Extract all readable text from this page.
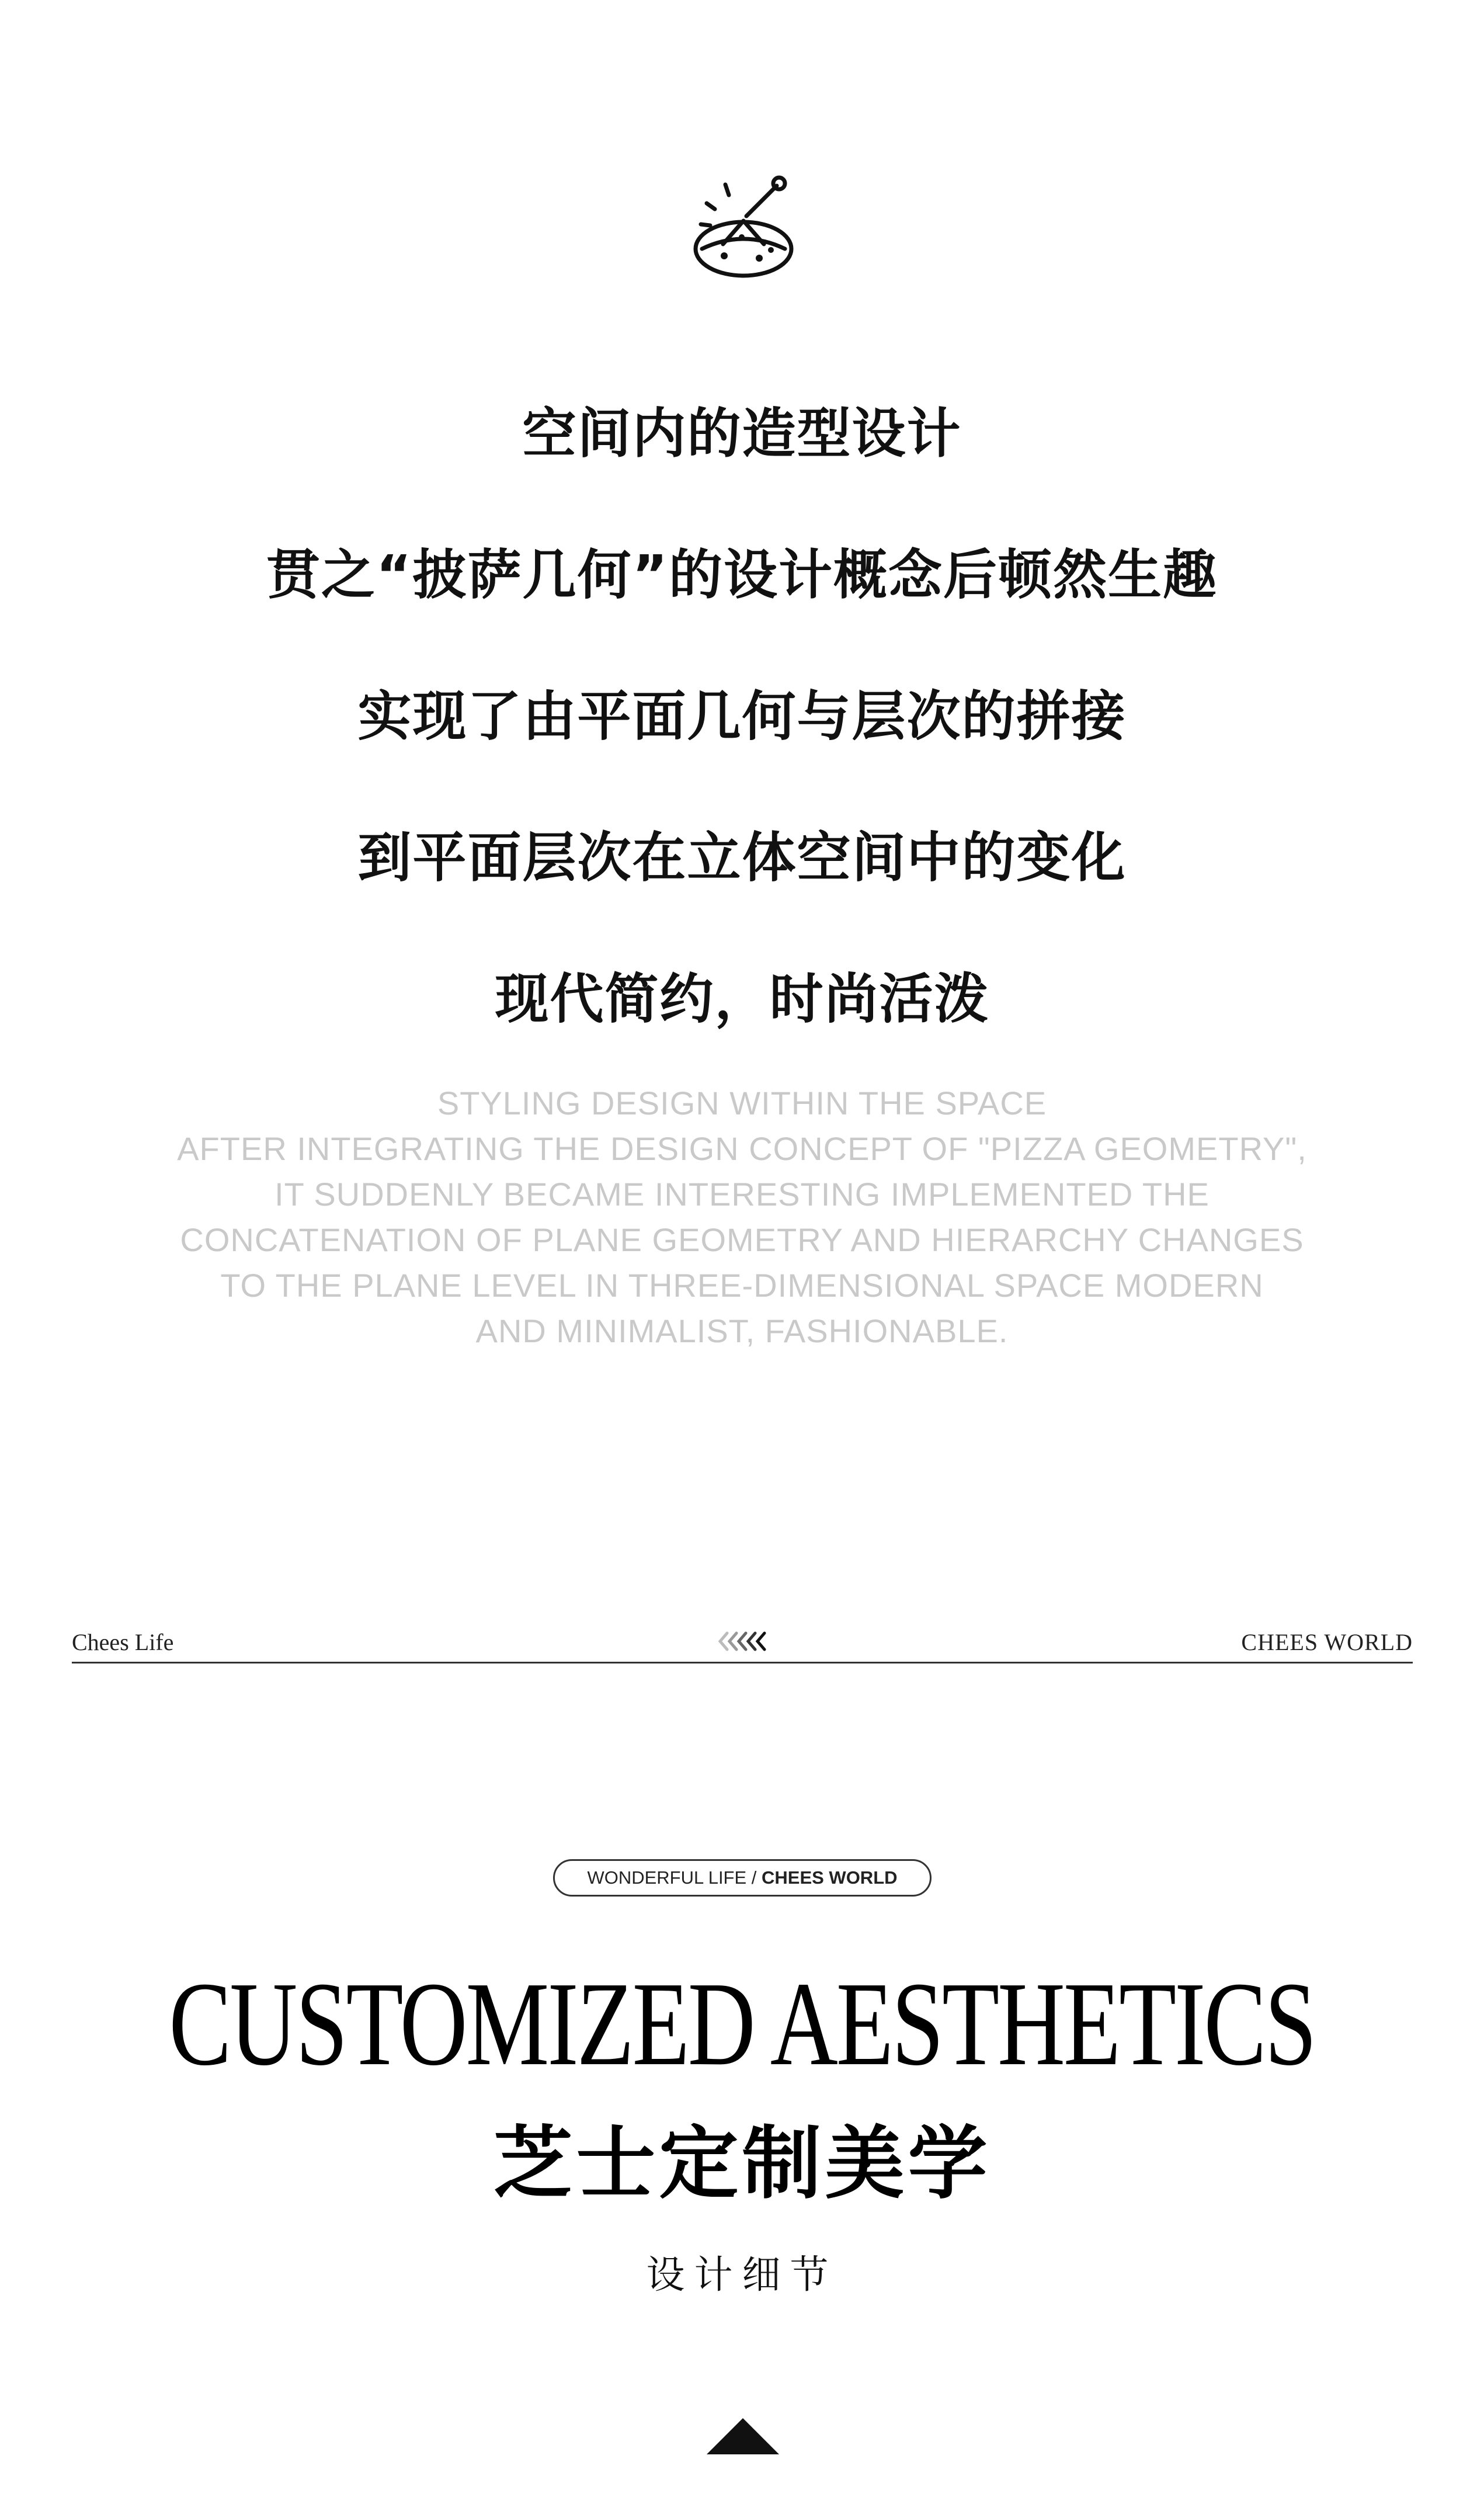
空间内的造型设计
贯之“披萨几何”的设计概念后顿然生趣
实现了由平面几何与层次的拼接
到平面层次在立体空间中的变化
现代简约，时尚活泼
STYLING DESIGN WITHIN THE SPACE
AFTER INTEGRATING THE DESIGN CONCEPT OF "PIZZA GEOMETRY",
IT SUDDENLY BECAME INTERESTING IMPLEMENTED THE
CONCATENATION OF PLANE GEOMETRY AND HIERARCHY CHANGES
TO THE PLANE LEVEL IN THREE-DIMENSIONAL SPACE MODERN
AND MINIMALIST, FASHIONABLE.
Chees Life	CHEES WORLD
WONDERFUL LIFE / CHEES WORLD
CUSTOMIZED AESTHETICS
芝士定制美学
设计细节
